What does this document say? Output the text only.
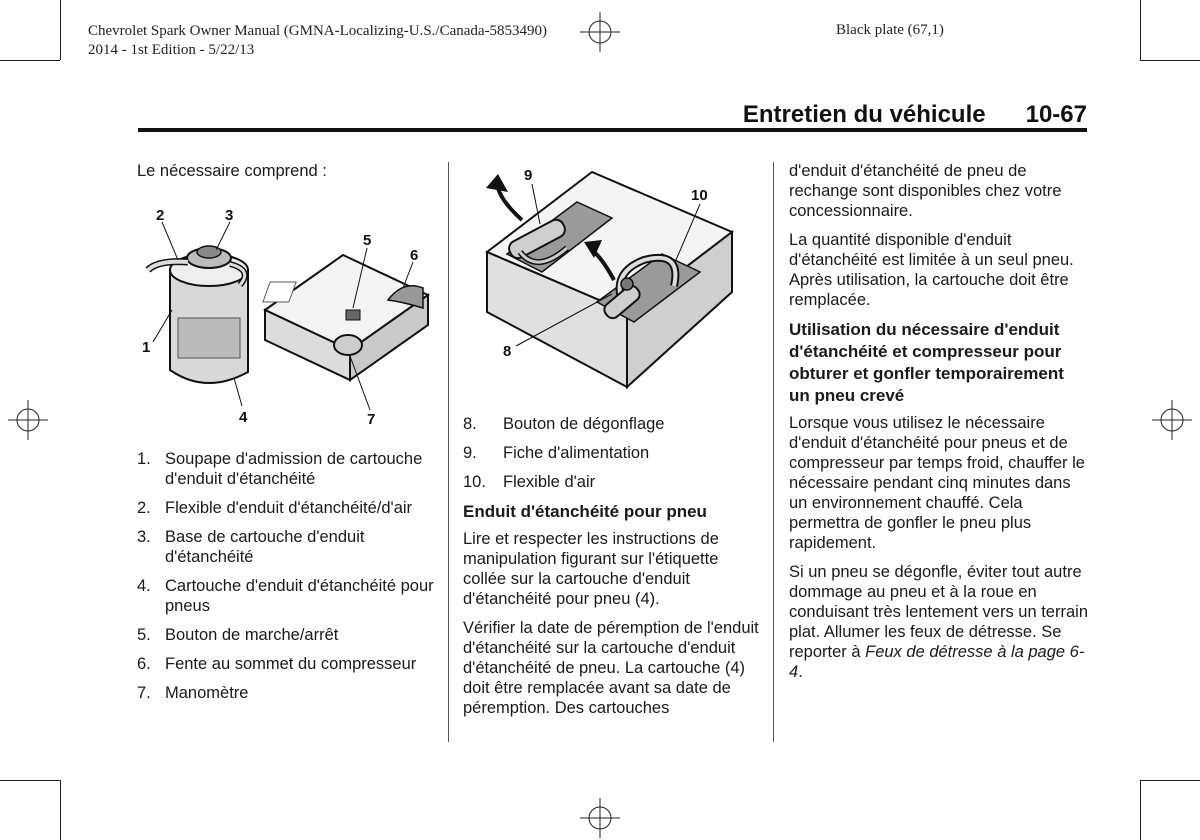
Chevrolet Spark Owner Manual (GMNA-Localizing-U.S./Canada-5853490)
2014 - 1st Edition - 5/22/13
Black plate (67,1)
Entretien du véhicule 10-67

Le nécessaire comprend :

2	3
5
6
1
4	7
1. Soupape d'admission de cartouche d'enduit d'étanchéité
2. Flexible d'enduit d'étanchéité/d'air
3. Base de cartouche d'enduit d'étanchéité
4. Cartouche d'enduit d'étanchéité pour pneus
5. Bouton de marche/arrêt
6. Fente au sommet du compresseur
7. Manomètre
9
10
8
8.	Bouton de dégonflage
9.	Fiche d'alimentation
10.	Flexible d'air
Enduit d'étanchéité pour pneu

Lire et respecter les instructions de manipulation figurant sur l'étiquette collée sur la cartouche d'enduit d'étanchéité pour pneu (4).

Vérifier la date de péremption de l'enduit d'étanchéité sur la cartouche d'enduit d'étanchéité de pneu. La cartouche (4) doit être remplacée avant sa date de péremption. Des cartouches

d'enduit d'étanchéité de pneu de rechange sont disponibles chez votre concessionnaire.

La quantité disponible d'enduit d'étanchéité est limitée à un seul pneu. Après utilisation, la cartouche doit être remplacée.

Utilisation du nécessaire d'enduit d'étanchéité et compresseur pour obturer et gonfler temporairement un pneu crevé

Lorsque vous utilisez le nécessaire d'enduit d'étanchéité pour pneus et de compresseur par temps froid, chauffer le nécessaire pendant cinq minutes dans un environnement chauffé. Cela permettra de gonfler le pneu plus rapidement.

Si un pneu se dégonfle, éviter tout autre dommage au pneu et à la roue en conduisant très lentement vers un terrain plat. Allumer les feux de détresse. Se reporter à Feux de détresse à la page 6-4.
